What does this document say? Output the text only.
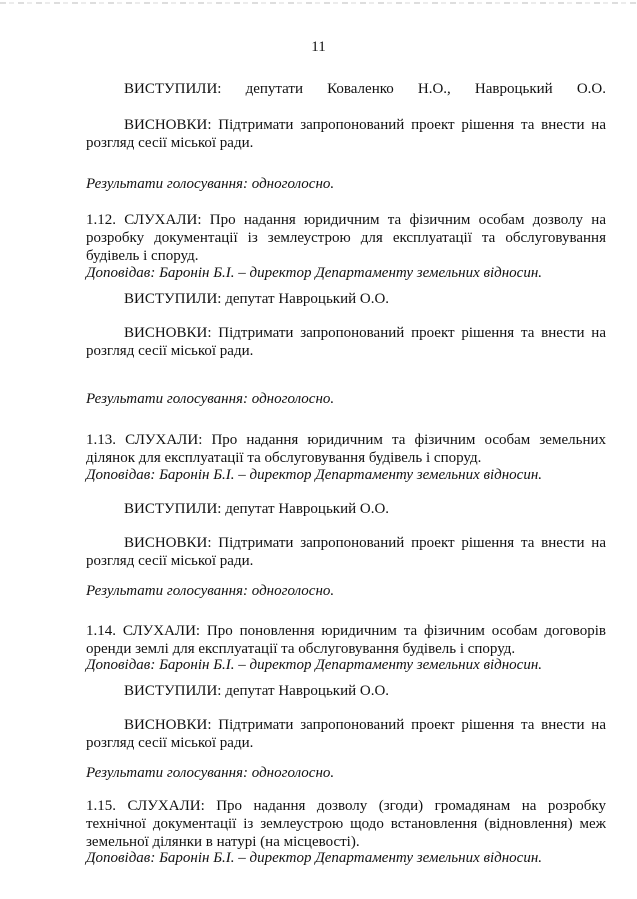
11
ВИСТУПИЛИ: депутати Коваленко Н.О., Навроцький О.О.
ВИСНОВКИ: Підтримати запропонований проект рішення та внести на
розгляд сесії міської ради.
Результати голосування: одноголосно.
1.12. СЛУХАЛИ: Про надання юридичним та фізичним особам дозволу на
розробку документації із землеустрою для експлуатації та обслуговування
будівель і споруд.
Доповідав: Баронін Б.І. – директор Департаменту земельних відносин.
ВИСТУПИЛИ: депутат Навроцький О.О.
ВИСНОВКИ: Підтримати запропонований проект рішення та внести на
розгляд сесії міської ради.
Результати голосування: одноголосно.
1.13. СЛУХАЛИ: Про надання юридичним та фізичним особам земельних
ділянок для експлуатації та обслуговування будівель і споруд.
Доповідав: Баронін Б.І. – директор Департаменту земельних відносин.
ВИСТУПИЛИ: депутат Навроцький О.О.
ВИСНОВКИ: Підтримати запропонований проект рішення та внести на
розгляд сесії міської ради.
Результати голосування: одноголосно.
1.14. СЛУХАЛИ: Про поновлення юридичним та фізичним особам договорів
оренди землі для експлуатації та обслуговування будівель і споруд.
Доповідав: Баронін Б.І. – директор Департаменту земельних відносин.
ВИСТУПИЛИ: депутат Навроцький О.О.
ВИСНОВКИ: Підтримати запропонований проект рішення та внести на
розгляд сесії міської ради.
Результати голосування: одноголосно.
1.15. СЛУХАЛИ: Про надання дозволу (згоди) громадянам на розробку
технічної документації із землеустрою щодо встановлення (відновлення) меж
земельної ділянки в натурі (на місцевості).
Доповідав: Баронін Б.І. – директор Департаменту земельних відносин.
